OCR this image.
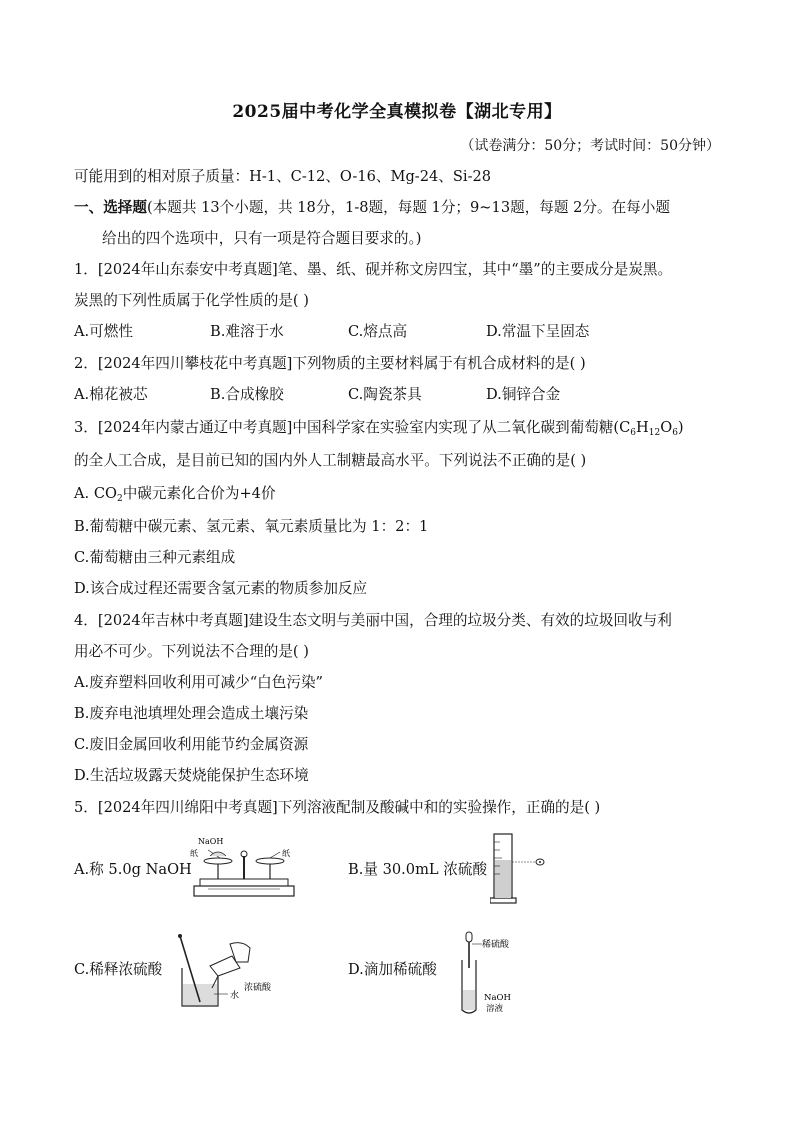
2025届中考化学全真模拟卷【湖北专用】
（试卷满分：50分；考试时间：50分钟）
可能用到的相对原子质量：H-1、C-12、O-16、Mg-24、Si-28
一、选择题(本题共 13个小题，共 18分，1-8题，每题 1分；9~13题，每题 2分。在每小题
给出的四个选项中，只有一项是符合题目要求的。)
1．[2024年山东泰安中考真题]笔、墨、纸、砚并称文房四宝，其中“墨”的主要成分是炭黑。
炭黑的下列性质属于化学性质的是( )
A.可燃性	B.难溶于水	C.熔点高	D.常温下呈固态
2．[2024年四川攀枝花中考真题]下列物质的主要材料属于有机合成材料的是( )
A.棉花被芯	B.合成橡胶	C.陶瓷茶具	D.铜锌合金
3．[2024年内蒙古通辽中考真题]中国科学家在实验室内实现了从二氧化碳到葡萄糖$(C_6H_{12}O_6)$
的全人工合成，是目前已知的国内外人工制糖最高水平。下列说法不正确的是( )
A. $CO_2$中碳元素化合价为+4价
B.葡萄糖中碳元素、氢元素、氧元素质量比为 1：2：1
C.葡萄糖由三种元素组成
D.该合成过程还需要含氢元素的物质参加反应
4．[2024年吉林中考真题]建设生态文明与美丽中国，合理的垃圾分类、有效的垃圾回收与利
用必不可少。下列说法不合理的是( )
A.废弃塑料回收利用可减少“白色污染”
B.废弃电池填埋处理会造成土壤污染
C.废旧金属回收利用能节约金属资源
D.生活垃圾露天焚烧能保护生态环境
5．[2024年四川绵阳中考真题]下列溶液配制及酸碱中和的实验操作，正确的是( )
A.称 5.0g NaOH
NaOH
纸	纸
B.量 30.0mL 浓硫酸
C.稀释浓硫酸
水
浓硫酸
D.滴加稀硫酸
稀硫酸
NaOH
溶液
